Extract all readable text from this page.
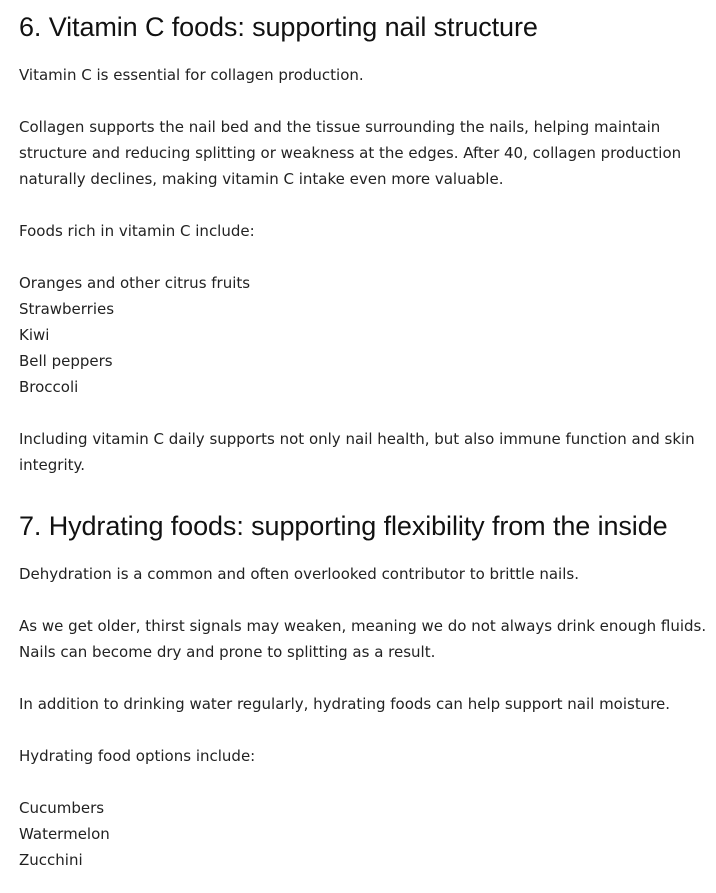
6. Vitamin C foods: supporting nail structure

Vitamin C is essential for collagen production.

Collagen supports the nail bed and the tissue surrounding the nails, helping maintain structure and reducing splitting or weakness at the edges. After 40, collagen production naturally declines, making vitamin C intake even more valuable.

Foods rich in vitamin C include:

Oranges and other citrus fruits
Strawberries
Kiwi
Bell peppers
Broccoli

Including vitamin C daily supports not only nail health, but also immune function and skin integrity.

7. Hydrating foods: supporting flexibility from the inside

Dehydration is a common and often overlooked contributor to brittle nails.

As we get older, thirst signals may weaken, meaning we do not always drink enough fluids. Nails can become dry and prone to splitting as a result.

In addition to drinking water regularly, hydrating foods can help support nail moisture.

Hydrating food options include:

Cucumbers
Watermelon
Zucchini
